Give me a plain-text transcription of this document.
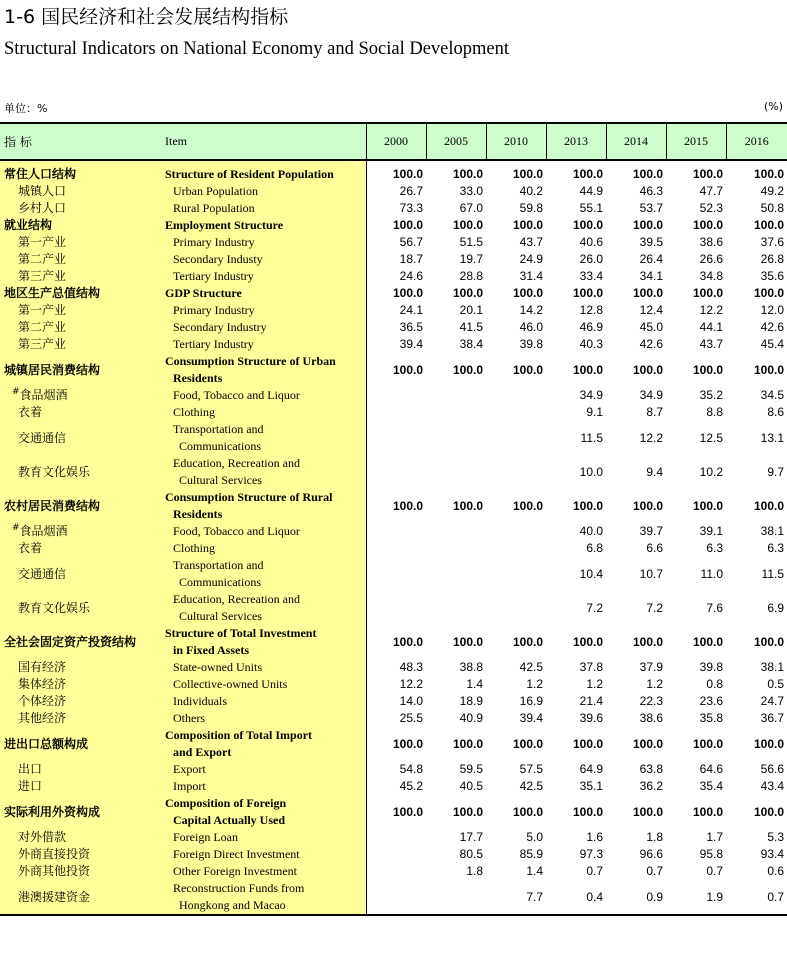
1-6 国民经济和社会发展结构指标
Structural Indicators on National Economy and Social Development
单位：%	(%)
指 标	Item	2000	2005	2010	2013	2014	2015	2016

常住人口结构	Structure of Resident Population	100.0	100.0	100.0	100.0	100.0	100.0	100.0
城镇人口	Urban Population	26.7	33.0	40.2	44.9	46.3	47.7	49.2
乡村人口	Rural Population	73.3	67.0	59.8	55.1	53.7	52.3	50.8
就业结构	Employment Structure	100.0	100.0	100.0	100.0	100.0	100.0	100.0
第一产业	Primary Industry	56.7	51.5	43.7	40.6	39.5	38.6	37.6
第二产业	Secondary Industy	18.7	19.7	24.9	26.0	26.4	26.6	26.8
第三产业	Tertiary Industry	24.6	28.8	31.4	33.4	34.1	34.8	35.6
地区生产总值结构	GDP Structure	100.0	100.0	100.0	100.0	100.0	100.0	100.0
第一产业	Primary Industry	24.1	20.1	14.2	12.8	12.4	12.2	12.0
第二产业	Secondary Industry	36.5	41.5	46.0	46.9	45.0	44.1	42.6
第三产业	Tertiary Industry	39.4	38.4	39.8	40.3	42.6	43.7	45.4
城镇居民消费结构	Consumption Structure of Urban
Residents	100.0	100.0	100.0	100.0	100.0	100.0	100.0
#食品烟酒	Food, Tobacco and Liquor				34.9	34.9	35.2	34.5
衣着	Clothing				9.1	8.7	8.8	8.6
交通通信	Transportation and
Communications				11.5	12.2	12.5	13.1
教育文化娱乐	Education, Recreation and
Cultural Services				10.0	9.4	10.2	9.7
农村居民消费结构	Consumption Structure of Rural
Residents	100.0	100.0	100.0	100.0	100.0	100.0	100.0
#食品烟酒	Food, Tobacco and Liquor				40.0	39.7	39.1	38.1
衣着	Clothing				6.8	6.6	6.3	6.3
交通通信	Transportation and
Communications				10.4	10.7	11.0	11.5
教育文化娱乐	Education, Recreation and
Cultural Services				7.2	7.2	7.6	6.9
全社会固定资产投资结构	Structure of Total Investment
in Fixed Assets	100.0	100.0	100.0	100.0	100.0	100.0	100.0
国有经济	State-owned Units	48.3	38.8	42.5	37.8	37.9	39.8	38.1
集体经济	Collective-owned Units	12.2	1.4	1.2	1.2	1.2	0.8	0.5
个体经济	Individuals	14.0	18.9	16.9	21.4	22.3	23.6	24.7
其他经济	Others	25.5	40.9	39.4	39.6	38.6	35.8	36.7
进出口总额构成	Composition of Total Import
and Export	100.0	100.0	100.0	100.0	100.0	100.0	100.0
出口	Export	54.8	59.5	57.5	64.9	63.8	64.6	56.6
进口	Import	45.2	40.5	42.5	35.1	36.2	35.4	43.4
实际利用外资构成	Composition of Foreign
Capital Actually Used	100.0	100.0	100.0	100.0	100.0	100.0	100.0
对外借款	Foreign Loan		17.7	5.0	1.6	1.8	1.7	5.3
外商直接投资	Foreign Direct Investment		80.5	85.9	97.3	96.6	95.8	93.4
外商其他投资	Other Foreign Investment		1.8	1.4	0.7	0.7	0.7	0.6
港澳援建资金	Reconstruction Funds from
Hongkong and Macao			7.7	0.4	0.9	1.9	0.7
